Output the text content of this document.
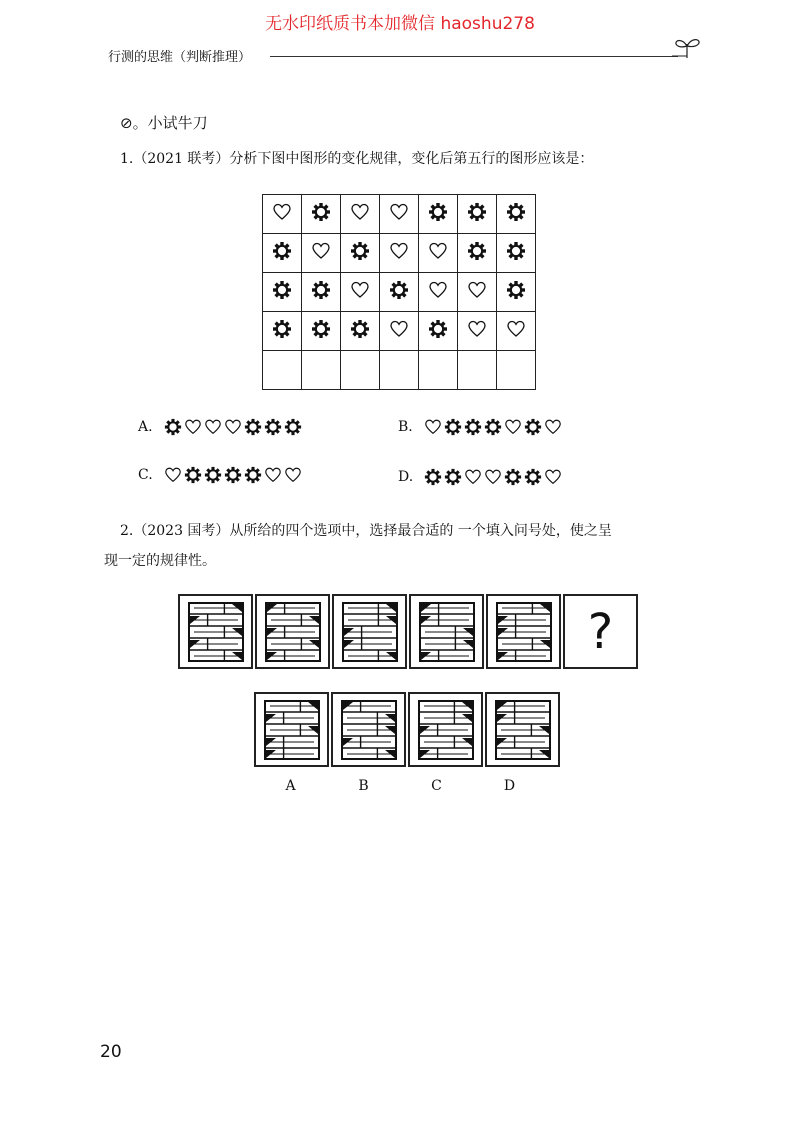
无水印纸质书本加微信 haoshu278
行测的思维（判断推理）
⊘。小试牛刀
1.（2021 联考）分析下图中图形的变化规律，变化后第五行的图形应该是：

A.	B.
C.	D.
2.（2023 国考）从所给的四个选项中，选择最合适的 一个填入问号处，使之呈
现一定的规律性。
?
A	B	C	D
20
